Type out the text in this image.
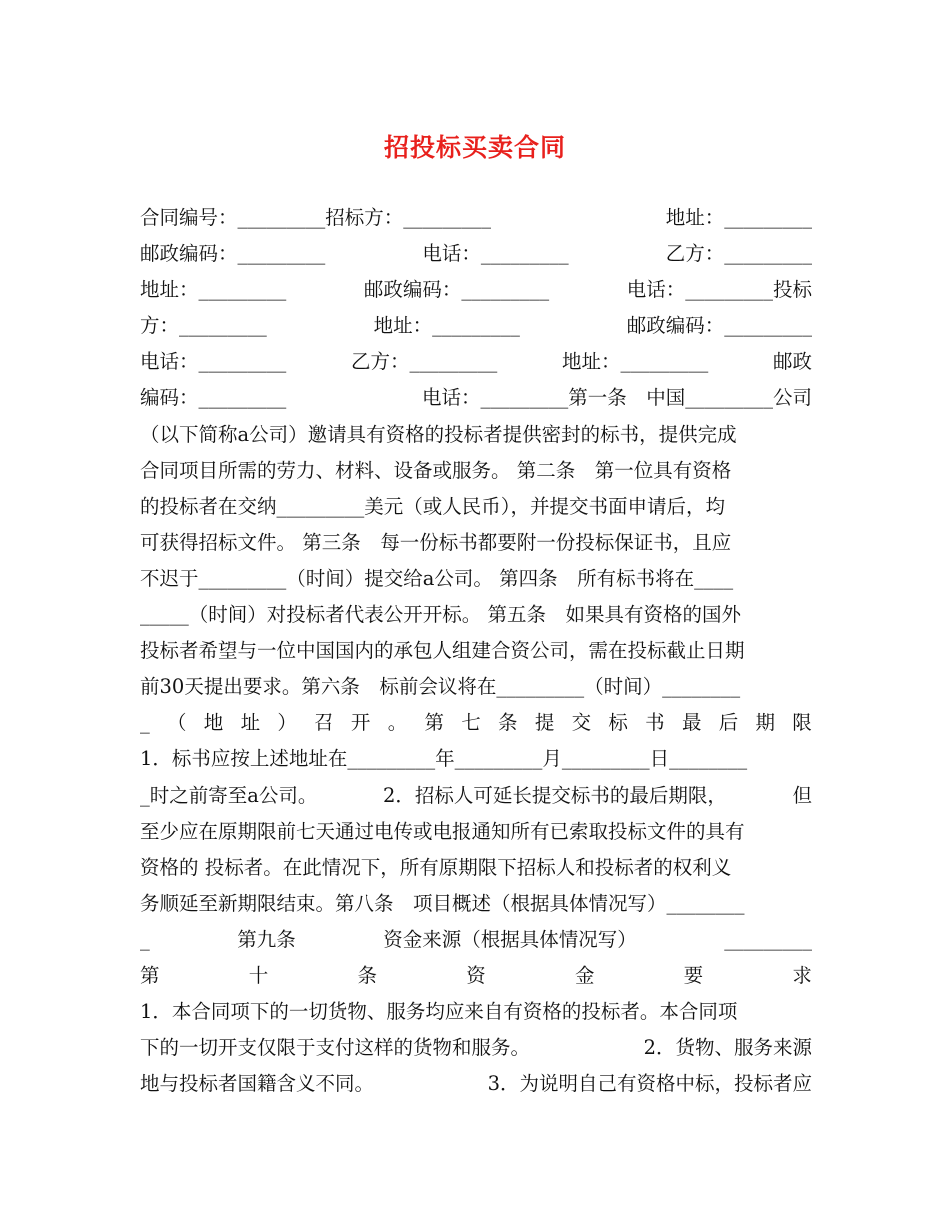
招投标买卖合同
合同编号：_________招标方：_________	地址：_________
邮政编码：_________	电话：_________	乙方：_________
地址：_________	邮政编码：_________	电话：_________投标
方：_________	地址：_________	邮政编码：_________
电话：_________	乙方：_________	地址：_________	邮政
编码：_________	电话：_________第一条　中国_________公司
（以下简称a公司）邀请具有资格的投标者提供密封的标书，提供完成
合同项目所需的劳力、材料、设备或服务。 第二条　第一位具有资格
的投标者在交纳_________美元（或人民币），并提交书面申请后，均
可获得招标文件。 第三条　每一份标书都要附一份投标保证书，且应
不迟于_________（时间）提交给a公司。 第四条　所有标书将在____
_____（时间）对投标者代表公开开标。 第五条　如果具有资格的国外
投标者希望与一位中国国内的承包人组建合资公司，需在投标截止日期
前30天提出要求。第六条　标前会议将在_________（时间）________
_ （ 地 址 ） 召 开 。 第 七 条 提 交 标 书 最 后 期 限
1．标书应按上述地址在_________年_________月_________日________
_时之前寄至a公司。	2．招标人可延长提交标书的最后期限，	但
至少应在原期限前七天通过电传或电报通知所有已索取投标文件的具有
资格的 投标者。在此情况下，所有原期限下招标人和投标者的权利义
务顺延至新期限结束。第八条　项目概述（根据具体情况写）________
_	第九条	资金来源（根据具体情况写）	_________
第	十	条	资	金	要	求
1．本合同项下的一切货物、服务均应来自有资格的投标者。本合同项
下的一切开支仅限于支付这样的货物和服务。	2．货物、服务来源
地与投标者国籍含义不同。	3．为说明自己有资格中标，投标者应
